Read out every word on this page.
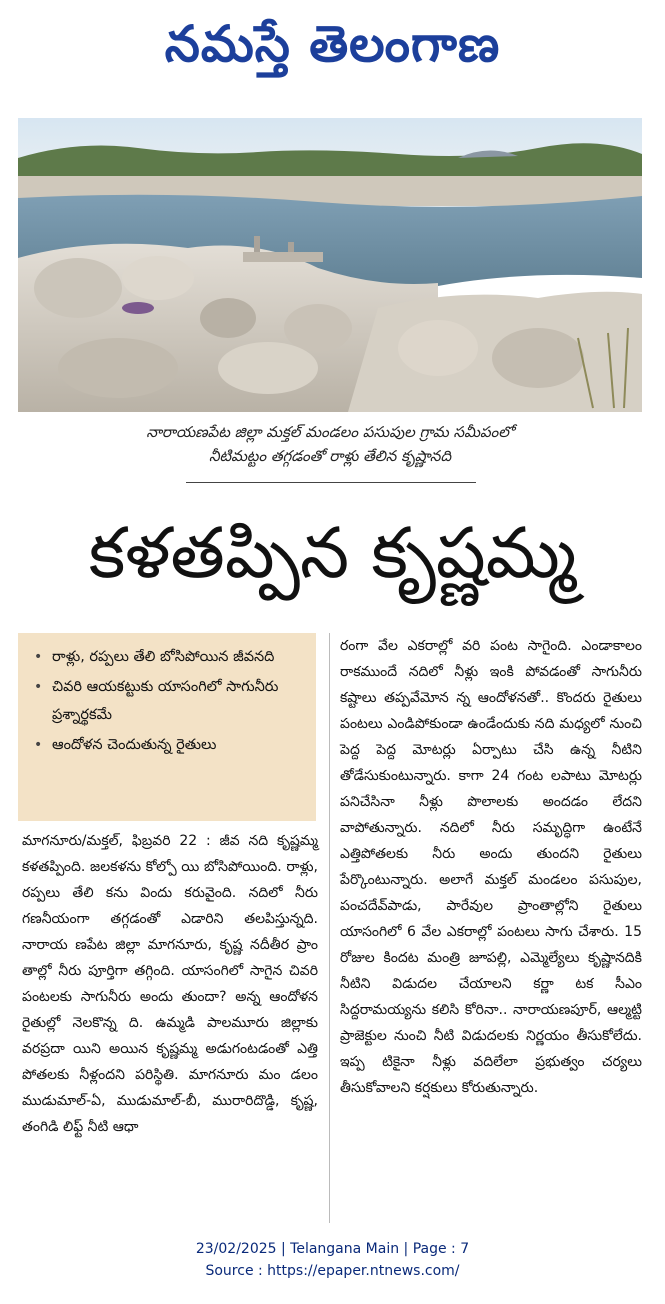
నమస్తే తెలంగాణ
నారాయణపేట జిల్లా మక్తల్ మండలం పసుపుల గ్రామ సమీపంలో
నీటిమట్టం తగ్గడంతో రాళ్లు తేలిన కృష్ణానది
కళతప్పిన కృష్ణమ్మ
• రాళ్లు, రప్పలు తేలి బోసిపోయిన జీవనది
• చివరి ఆయకట్టుకు యాసంగిలో సాగునీరు ప్రశ్నార్థకమే
• ఆందోళన చెందుతున్న రైతులు

మాగనూరు/మక్తల్, ఫిబ్రవరి 22 : జీవ నది కృష్ణమ్మ కళతప్పింది. జలకళను కోల్పో యి బోసిపోయింది. రాళ్లు, రప్పలు తేలి కను విందు కరువైంది. నదిలో నీరు గణనీయంగా తగ్గడంతో ఎడారిని తలపిస్తున్నది. నారాయ ణపేట జిల్లా మాగనూరు, కృష్ణ నదీతీర ప్రాం తాల్లో నీరు పూర్తిగా తగ్గింది. యాసంగిలో సాగైన చివరి పంటలకు సాగునీరు అందు తుందా? అన్న ఆందోళన రైతుల్లో నెలకొన్న ది. ఉమ్మడి పాలమూరు జిల్లాకు వరప్రదా యిని అయిన కృష్ణమ్మ అడుగంటడంతో ఎత్తి పోతలకు నీళ్లందని పరిస్థితి. మాగనూరు మం డలం ముడుమాల్-ఏ, ముడుమాల్-బీ, మురారిదొడ్డి, కృష్ణ, తంగిడి లిఫ్ట్ నీటి ఆధా

రంగా వేల ఎకరాల్లో వరి పంట సాగైంది. ఎండాకాలం రాకముందే నదిలో నీళ్లు ఇంకి పోవడంతో సాగునీరు కష్టాలు తప్పవేమోన న్న ఆందోళనతో.. కొందరు రైతులు పంటలు ఎండిపోకుండా ఉండేందుకు నది మధ్యలో నుంచి పెద్ద పెద్ద మోటర్లు ఏర్పాటు చేసి ఉన్న నీటిని తోడేసుకుంటున్నారు. కాగా 24 గంట లపాటు మోటర్లు పనిచేసినా నీళ్లు పొలాలకు అందడం లేదని వాపోతున్నారు. నదిలో నీరు సమృద్ధిగా ఉంటేనే ఎత్తిపోతలకు నీరు అందు తుందని రైతులు పేర్కొంటున్నారు. అలాగే మక్తల్ మండలం పసుపుల, పంచదేవ్‌పాడు, పారేవుల ప్రాంతాల్లోని రైతులు యాసంగిలో 6 వేల ఎకరాల్లో పంటలు సాగు చేశారు. 15 రోజుల కిందట మంత్రి జూపల్లి, ఎమ్మెల్యేలు కృష్ణానదికి నీటిని విడుదల చేయాలని కర్ణా టక సీఎం సిద్దరామయ్యను కలిసి కోరినా.. నారాయణపూర్, ఆల్మట్టి ప్రాజెక్టుల నుంచి నీటి విడుదలకు నిర్ణయం తీసుకోలేదు. ఇప్ప టికైనా నీళ్లు వదిలేలా ప్రభుత్వం చర్యలు తీసుకోవాలని కర్షకులు కోరుతున్నారు.

23/02/2025 | Telangana Main | Page : 7
Source : https://epaper.ntnews.com/
